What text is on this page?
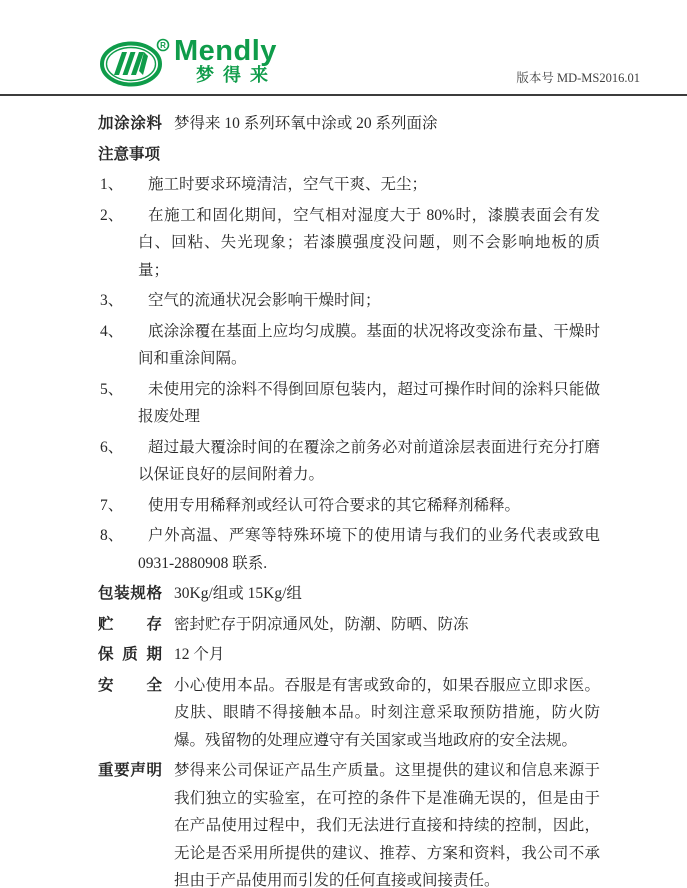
R Mendly
梦得来	版本号 MD-MS2016.01
加涂涂料 梦得来 10 系列环氧中涂或 20 系列面涂
注意事项
1、	施工时要求环境清洁，空气干爽、无尘；
2、	在施工和固化期间，空气相对湿度大于 80%时，漆膜表面会有发白、回粘、失光现象；若漆膜强度没问题，则不会影响地板的质量；
3、	空气的流通状况会影响干燥时间；
4、	底涂涂覆在基面上应均匀成膜。基面的状况将改变涂布量、干燥时间和重涂间隔。
5、	未使用完的涂料不得倒回原包装内，超过可操作时间的涂料只能做报废处理
6、	超过最大覆涂时间的在覆涂之前务必对前道涂层表面进行充分打磨以保证良好的层间附着力。
7、	使用专用稀释剂或经认可符合要求的其它稀释剂稀释。
8、	户外高温、严寒等特殊环境下的使用请与我们的业务代表或致电 0931-2880908 联系.
包装规格 30Kg/组或 15Kg/组
贮存 密封贮存于阴凉通风处，防潮、防晒、防冻
保质期 12 个月
安全 小心使用本品。吞服是有害或致命的，如果吞服应立即求医。皮肤、眼睛不得接触本品。时刻注意采取预防措施，防火防爆。残留物的处理应遵守有关国家或当地政府的安全法规。
重要声明 梦得来公司保证产品生产质量。这里提供的建议和信息来源于我们独立的实验室，在可控的条件下是准确无误的，但是由于在产品使用过程中，我们无法进行直接和持续的控制，因此，无论是否采用所提供的建议、推荐、方案和资料，我公司不承担由于产品使用而引发的任何直接或间接责任。
